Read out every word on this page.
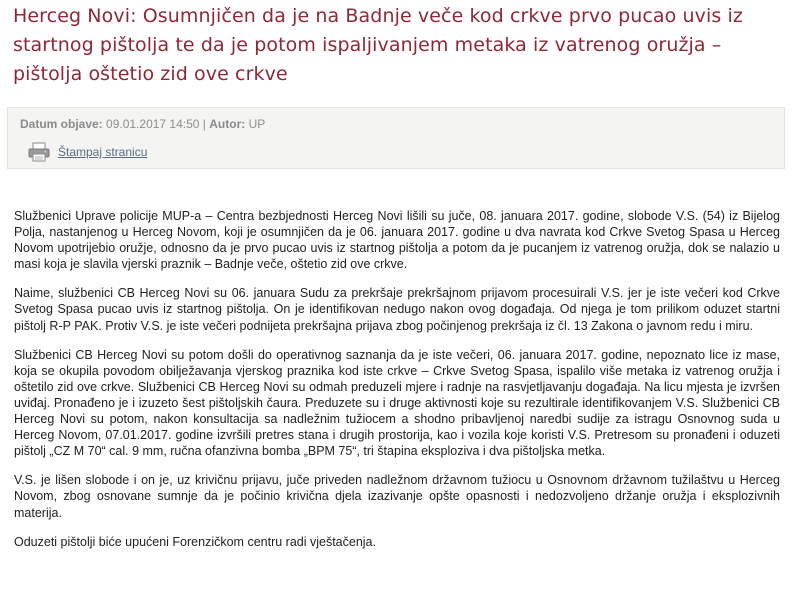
Herceg Novi: Osumnjičen da je na Badnje veče kod crkve prvo pucao uvis iz startnog pištolja te da je potom ispaljivanjem metaka iz vatrenog oružja – pištolja oštetio zid ove crkve
Datum objave: 09.01.2017 14:50 | Autor: UP
Štampaj stranicu

Službenici Uprave policije MUP-a – Centra bezbjednosti Herceg Novi lišili su juče, 08. januara 2017. godine, slobode V.S. (54) iz Bijelog Polja, nastanjenog u Herceg Novom, koji je osumnjičen da je 06. januara 2017. godine u dva navrata kod Crkve Svetog Spasa u Herceg Novom upotrijebio oružje, odnosno da je prvo pucao uvis iz startnog pištolja a potom da je pucanjem iz vatrenog oružja, dok se nalazio u masi koja je slavila vjerski praznik – Badnje veče, oštetio zid ove crkve.

Naime, službenici CB Herceg Novi su 06. januara Sudu za prekršaje prekršajnom prijavom procesuirali V.S. jer je iste večeri kod Crkve Svetog Spasa pucao uvis iz startnog pištolja. On je identifikovan nedugo nakon ovog događaja. Od njega je tom prilikom oduzet startni pištolj R-P PAK. Protiv V.S. je iste večeri podnijeta prekršajna prijava zbog počinjenog prekršaja iz čl. 13 Zakona o javnom redu i miru.

Službenici CB Herceg Novi su potom došli do operativnog saznanja da je iste večeri, 06. januara 2017. godine, nepoznato lice iz mase, koja se okupila povodom obilježavanja vjerskog praznika kod iste crkve – Crkve Svetog Spasa, ispalilo više metaka iz vatrenog oružja i oštetilo zid ove crkve. Službenici CB Herceg Novi su odmah preduzeli mjere i radnje na rasvjetljavanju događaja. Na licu mjesta je izvršen uviđaj. Pronađeno je i izuzeto šest pištoljskih čaura. Preduzete su i druge aktivnosti koje su rezultirale identifikovanjem V.S. Službenici CB Herceg Novi su potom, nakon konsultacija sa nadležnim tužiocem a shodno pribavljenoj naredbi sudije za istragu Osnovnog suda u Herceg Novom, 07.01.2017. godine izvršili pretres stana i drugih prostorija, kao i vozila koje koristi V.S. Pretresom su pronađeni i oduzeti pištolj „CZ M 70“ cal. 9 mm, ručna ofanzivna bomba „BPM 75“, tri štapina eksploziva i dva pištoljska metka.

V.S. je lišen slobode i on je, uz krivičnu prijavu, juče priveden nadležnom državnom tužiocu u Osnovnom državnom tužilaštvu u Herceg Novom, zbog osnovane sumnje da je počinio krivična djela izazivanje opšte opasnosti i nedozvoljeno držanje oružja i eksplozivnih materija.

Oduzeti pištolji biće upućeni Forenzičkom centru radi vještačenja.
